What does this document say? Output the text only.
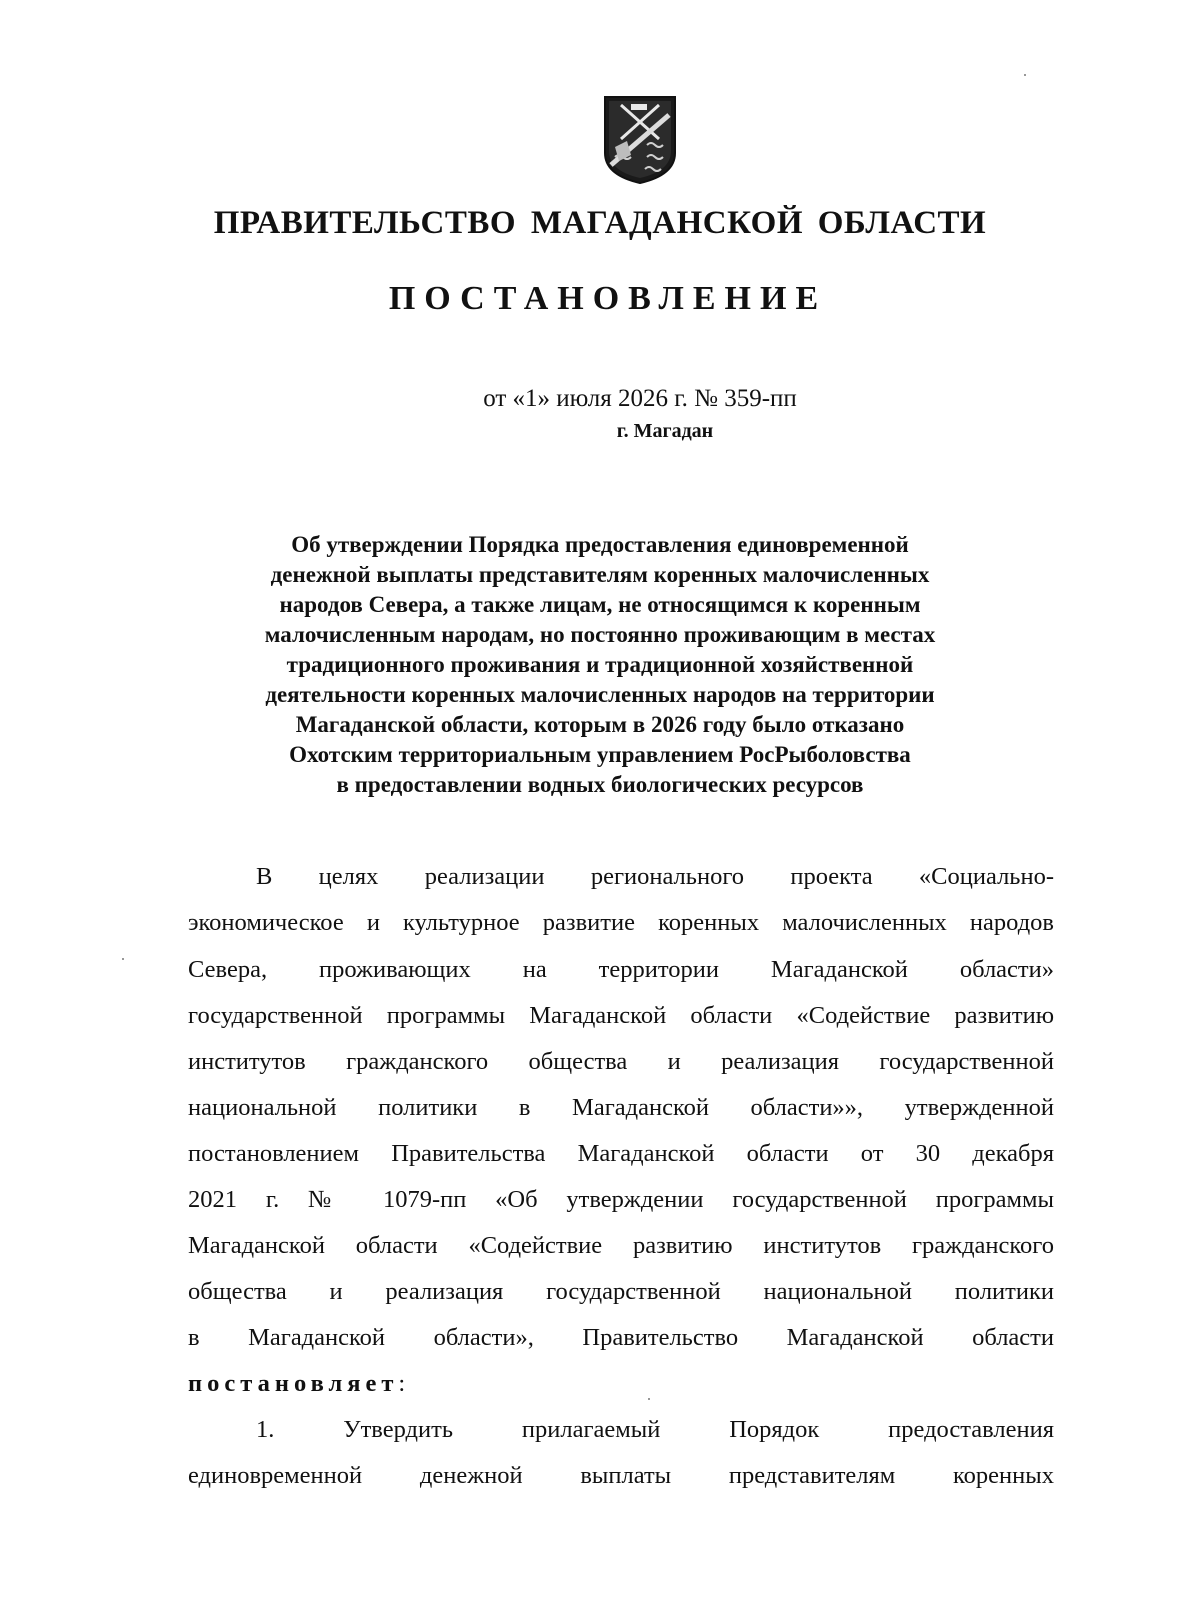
ПРАВИТЕЛЬСТВО МАГАДАНСКОЙ ОБЛАСТИ
ПОСТАНОВЛЕНИЕ
от «1» июля 2026 г. № 359-пп
г. Магадан
Об утверждении Порядка предоставления единовременной
денежной выплаты представителям коренных малочисленных
народов Севера, а также лицам, не относящимся к коренным
малочисленным народам, но постоянно проживающим в местах
традиционного проживания и традиционной хозяйственной
деятельности коренных малочисленных народов на территории
Магаданской области, которым в 2026 году было отказано
Охотским территориальным управлением РосРыболовства
в предоставлении водных биологических ресурсов
В целях реализации регионального проекта «Социально-
экономическое и культурное развитие коренных малочисленных народов
Севера, проживающих на территории Магаданской области»
государственной программы Магаданской области «Содействие развитию
институтов гражданского общества и реализация государственной
национальной политики в Магаданской области»», утвержденной
постановлением Правительства Магаданской области от 30 декабря
2021 г. № 1079-пп «Об утверждении государственной программы
Магаданской области «Содействие развитию институтов гражданского
общества и реализация государственной национальной политики
в Магаданской области», Правительство Магаданской области
постановляет:
1. Утвердить прилагаемый Порядок предоставления
единовременной денежной выплаты представителям коренных
